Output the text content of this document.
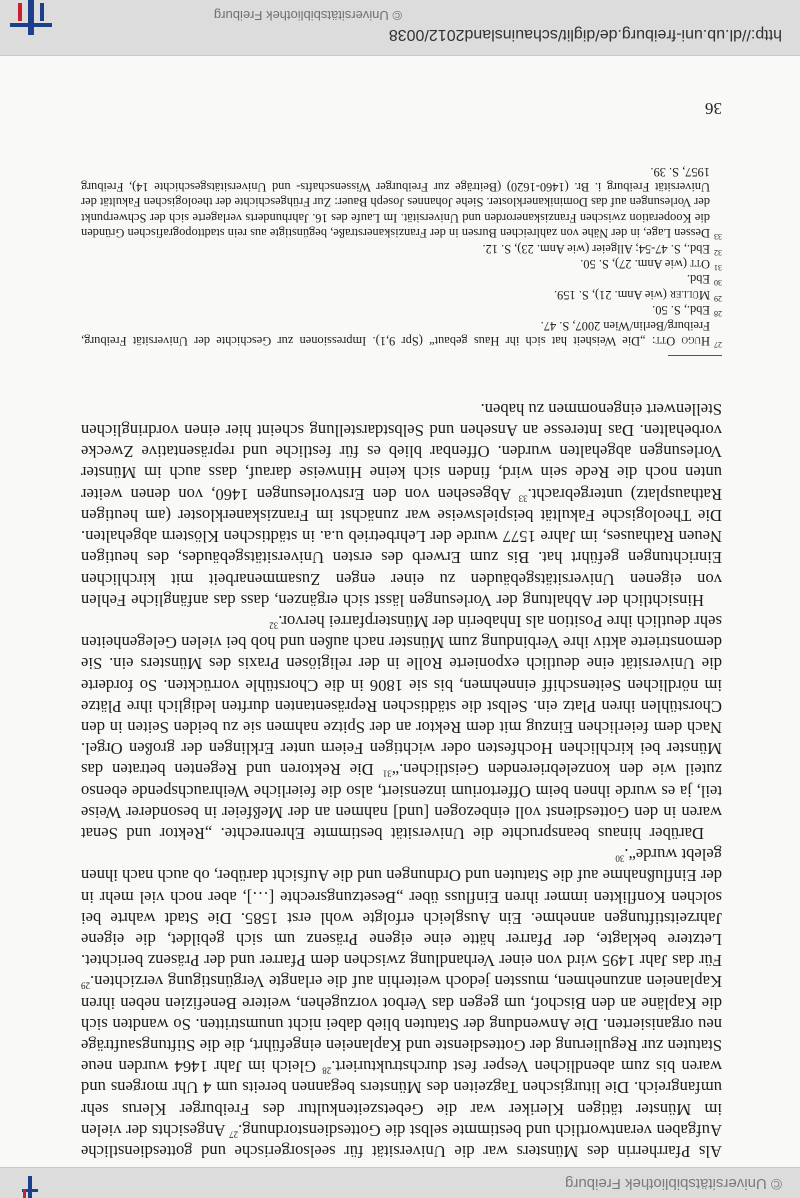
© Universitätsbibliothek Freiburg

Als Pfarrherrin des Münsters war die Universität für seelsorgerische und gottesdienstliche Aufgaben verantwortlich und bestimmte selbst die Gottesdienstordnung.$^{27}$ Angesichts der vielen im Münster tätigen Kleriker war die Gebetszeitenkultur des Freiburger Klerus sehr umfangreich. Die liturgischen Tagzeiten des Münsters begannen bereits um 4 Uhr morgens und waren bis zum abendlichen Vesper fest durchstrukturiert.$^{28}$ Gleich im Jahr 1464 wurden neue Statuten zur Regulierung der Gottesdienste und Kaplaneien eingeführt, die die Stiftungsaufträge neu organisierten. Die Anwendung der Statuten blieb dabei nicht unumstritten. So wandten sich die Kapläne an den Bischof, um gegen das Verbot vorzugehen, weitere Benefizien neben ihren Kaplaneien anzunehmen, mussten jedoch weiterhin auf die erlangte Vergünstigung verzichten.$^{29}$ Für das Jahr 1495 wird von einer Verhandlung zwischen dem Pfarrer und der Präsenz berichtet. Letztere beklagte, der Pfarrer hätte eine eigene Präsenz um sich gebildet, die eigene Jahrzeitstiftungen annehme. Ein Ausgleich erfolgte wohl erst 1585. Die Stadt wahrte bei solchen Konflikten immer ihren Einfluss über „Besetzungsrechte […], aber noch viel mehr in der Einflußnahme auf die Statuten und Ordnungen und die Aufsicht darüber, ob auch nach ihnen gelebt wurde“.$^{30}$

Darüber hinaus beanspruchte die Universität bestimmte Ehrenrechte. „Rektor und Senat waren in den Gottesdienst voll einbezogen [und] nahmen an der Meßfeier in besonderer Weise teil, ja es wurde ihnen beim Offertorium inzensiert, also die feierliche Weihrauchspende ebenso zuteil wie den konzelebrierenden Geistlichen.“$^{31}$ Die Rektoren und Regenten betraten das Münster bei kirchlichen Hochfesten oder wichtigen Feiern unter Erklingen der großen Orgel. Nach dem feierlichen Einzug mit dem Rektor an der Spitze nahmen sie zu beiden Seiten in den Chorstühlen ihren Platz ein. Selbst die städtischen Repräsentanten durften lediglich ihre Plätze im nördlichen Seitenschiff einnehmen, bis sie 1806 in die Chorstühle vorrückten. So forderte die Universität eine deutlich exponierte Rolle in der religiösen Praxis des Münsters ein. Sie demonstrierte aktiv ihre Verbindung zum Münster nach außen und hob bei vielen Gelegenheiten sehr deutlich ihre Position als Inhaberin der Münsterpfarrei hervor.$^{32}$

Hinsichtlich der Abhaltung der Vorlesungen lässt sich ergänzen, dass das anfängliche Fehlen von eigenen Universitätsgebäuden zu einer engen Zusammenarbeit mit kirchlichen Einrichtungen geführt hat. Bis zum Erwerb des ersten Universitätsgebäudes, des heutigen Neuen Rathauses, im Jahre 1577 wurde der Lehrbetrieb u.a. in städtischen Klöstern abgehalten. Die Theologische Fakultät beispielsweise war zunächst im Franziskanerkloster (am heutigen Rathausplatz) untergebracht.$^{33}$ Abgesehen von den Erstvorlesungen 1460, von denen weiter unten noch die Rede sein wird, finden sich keine Hinweise darauf, dass auch im Münster Vorlesungen abgehalten wurden. Offenbar blieb es für festliche und repräsentative Zwecke vorbehalten. Das Interesse an Ansehen und Selbstdarstellung scheint hier einen vordringlichen Stellenwert eingenommen zu haben.

27Hugo Ott: „Die Weisheit hat sich ihr Haus gebaut“ (Spr 9,1). Impressionen zur Geschichte der Universität Freiburg, Freiburg/Berlin/Wien 2007, S. 47.

28Ebd., S. 50.

29Müller (wie Anm. 21), S. 159.

30Ebd.

31Ott (wie Anm. 27), S. 50.

32Ebd., S. 47-54; Allgeier (wie Anm. 23), S. 12.

33Dessen Lage, in der Nähe von zahlreichen Bursen in der Franziskanerstraße, begünstigte aus rein stadttopografischen Gründen die Kooperation zwischen Franziskanerorden und Universität. Im Laufe des 16. Jahrhunderts verlagerte sich der Schwerpunkt der Vorlesungen auf das Dominikanerkloster. Siehe Johannes Joseph Bauer: Zur Frühgeschichte der theologischen Fakultät der Universität Freiburg i. Br. (1460-1620) (Beiträge zur Freiburger Wissenschafts- und Universitätsgeschichte 14), Freiburg 1957, S. 39.

36
http://dl.ub.uni-freiburg.de/diglit/schauinsland2012/0038
© Universitätsbibliothek Freiburg
